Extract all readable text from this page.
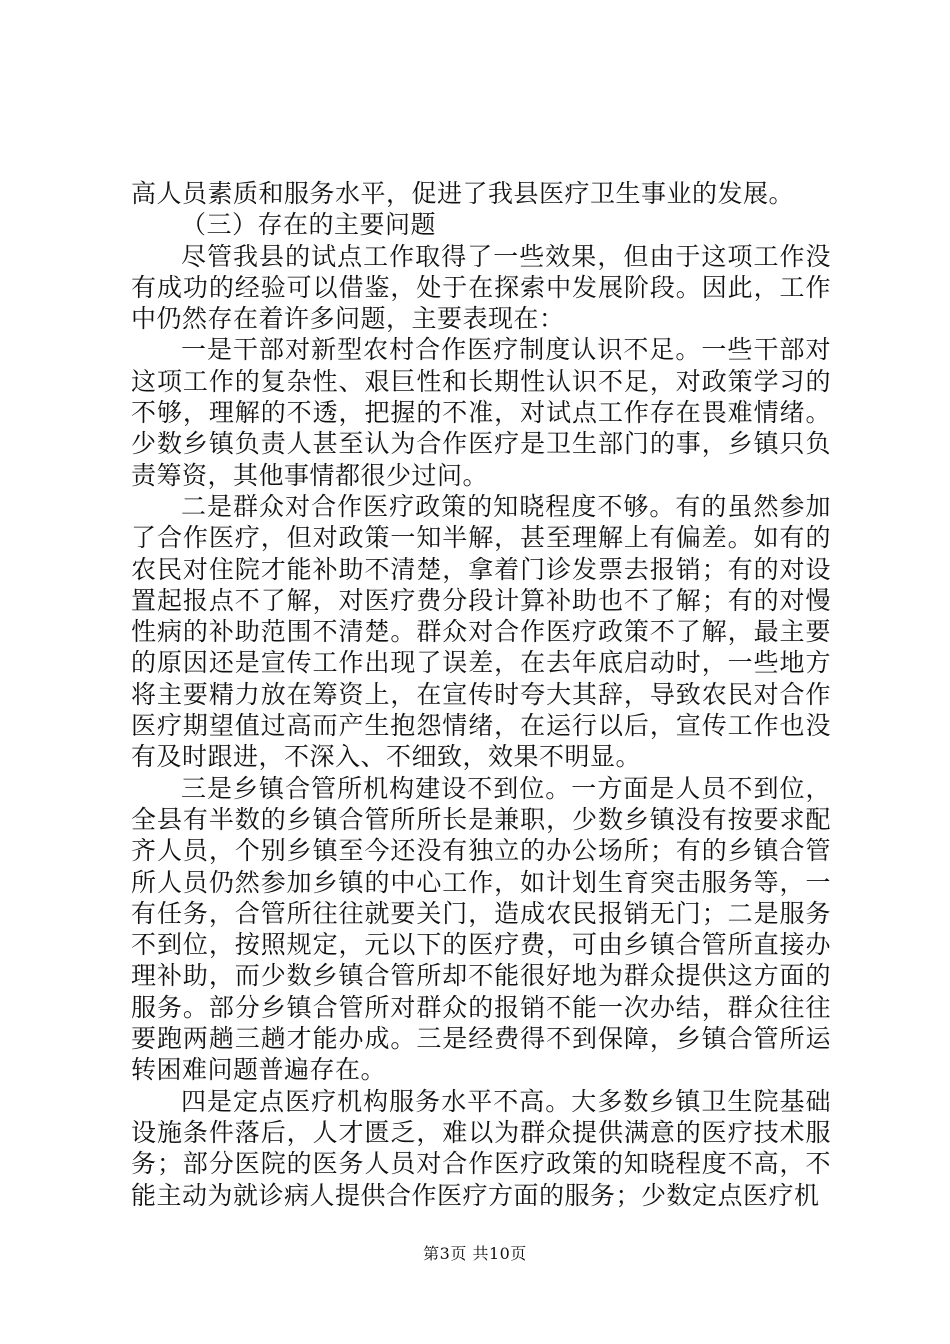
高人员素质和服务水平，促进了我县医疗卫生事业的发展。

（三）存在的主要问题

尽管我县的试点工作取得了一些效果，但由于这项工作没有成功的经验可以借鉴，处于在探索中发展阶段。因此，工作中仍然存在着许多问题，主要表现在：

一是干部对新型农村合作医疗制度认识不足。一些干部对这项工作的复杂性、艰巨性和长期性认识不足，对政策学习的不够，理解的不透，把握的不准，对试点工作存在畏难情绪。少数乡镇负责人甚至认为合作医疗是卫生部门的事，乡镇只负责筹资，其他事情都很少过问。

二是群众对合作医疗政策的知晓程度不够。有的虽然参加了合作医疗，但对政策一知半解，甚至理解上有偏差。如有的农民对住院才能补助不清楚，拿着门诊发票去报销；有的对设置起报点不了解，对医疗费分段计算补助也不了解；有的对慢性病的补助范围不清楚。群众对合作医疗政策不了解，最主要的原因还是宣传工作出现了误差，在去年底启动时，一些地方将主要精力放在筹资上，在宣传时夸大其辞，导致农民对合作医疗期望值过高而产生抱怨情绪，在运行以后，宣传工作也没有及时跟进，不深入、不细致，效果不明显。

三是乡镇合管所机构建设不到位。一方面是人员不到位，全县有半数的乡镇合管所所长是兼职，少数乡镇没有按要求配齐人员，个别乡镇至今还没有独立的办公场所；有的乡镇合管所人员仍然参加乡镇的中心工作，如计划生育突击服务等，一有任务，合管所往往就要关门，造成农民报销无门；二是服务不到位，按照规定，元以下的医疗费，可由乡镇合管所直接办理补助，而少数乡镇合管所却不能很好地为群众提供这方面的服务。部分乡镇合管所对群众的报销不能一次办结，群众往往要跑两趟三趟才能办成。三是经费得不到保障，乡镇合管所运转困难问题普遍存在。

四是定点医疗机构服务水平不高。大多数乡镇卫生院基础设施条件落后，人才匮乏，难以为群众提供满意的医疗技术服务；部分医院的医务人员对合作医疗政策的知晓程度不高，不能主动为就诊病人提供合作医疗方面的服务；少数定点医疗机

第3页 共10页
